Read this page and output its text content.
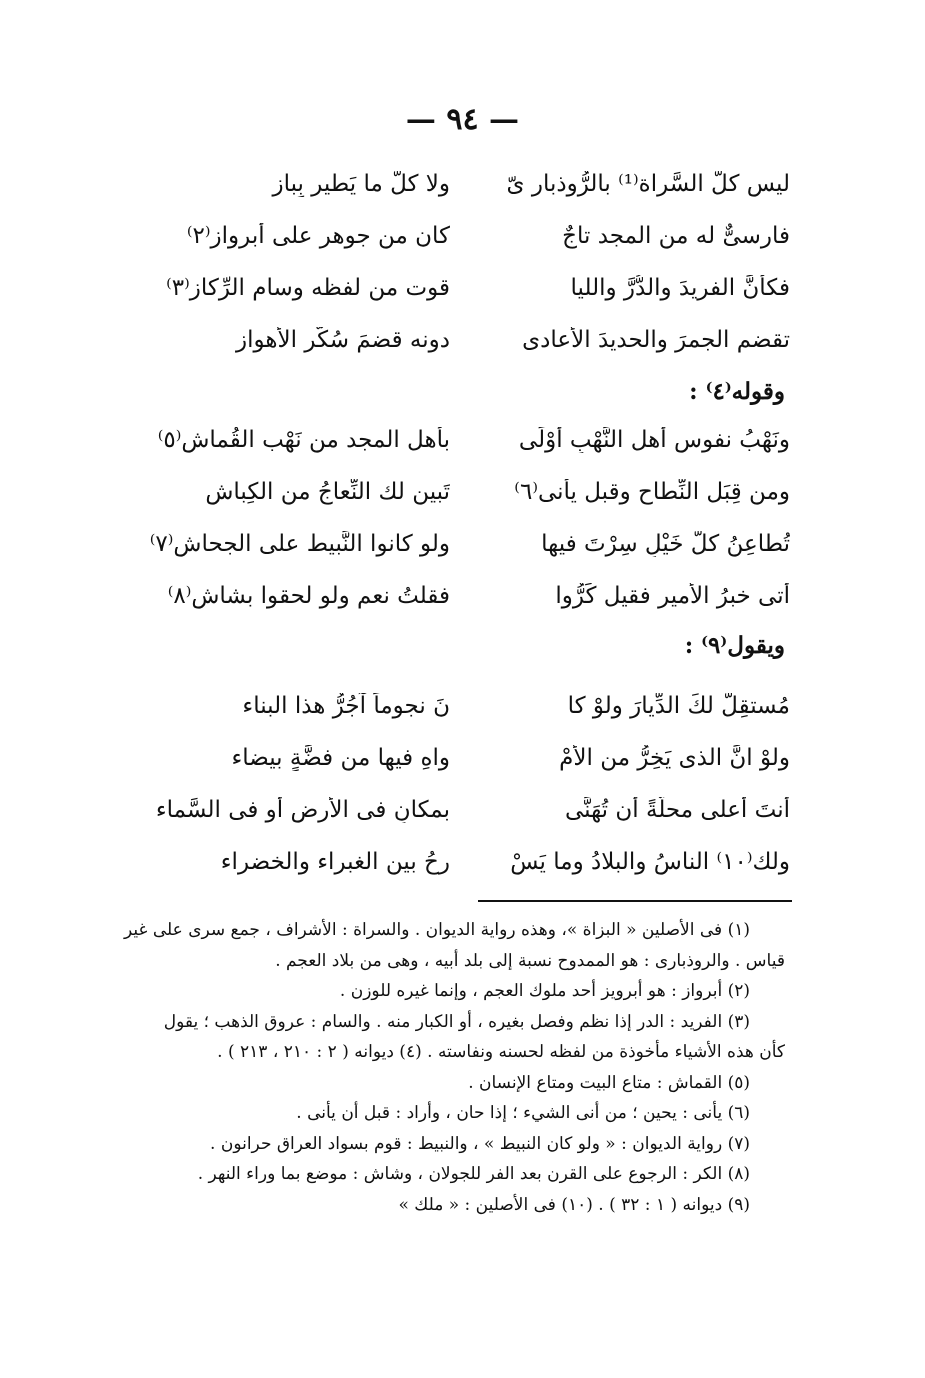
— ٩٤ —
ليس كلُّ السَّراة⁽¹⁾ بالرُّوذبارِ ىّ
ولا كلُّ ما يَطير بِبازِ
فارسىٌّ له من المجد تاجٌ
كان من جوهر على أبرواز⁽٢⁾
فكأنَّ الفريدَ والدُّرَّ والليا
قوت من لفظه وسام الرِّكاز⁽٣⁾
تقضم الجمرَ والحديدَ الأعادى
دونه قضمَ سُكَّر الأهواز
وقوله⁽٤⁾ :
ونَهْبُ نفوس أهل النَّهْبِ أوْلَى
بأهل المجد من نَهْب القُماش⁽٥⁾
ومن قِبَل النِّطاح وقبل يأْنى⁽٦⁾
تَبين لك النِّعاجُ من الكِباش
تُطاعِنُ كلُّ خَيْلٍ سِرْتَ فيها
ولو كانوا النَّبيط على الجحاش⁽٧⁾
أتى خبرُ الأمير فقيل كَرُّوا
فقلتُ نعم ولو لحقوا بشاش⁽٨⁾
ويقول⁽٩⁾ :
مُستقِلٌّ لكَ الدِّيارَ ولوْ كا
نَ نجوماً آجُرُّ هذا البناء
ولوْ انَّ الذى يَخِرُّ من الأمْ
واهِ فيها من فضَّةٍ بيضاء
أنتَ أعلى محلَّةً أن تُهَنَّى
بمكانٍ فى الأرض أو فى السَّماء
ولك⁽١٠⁾ الناسُ والبلادُ وما يَسْ
رحُ بين الغبراء والخضراء
(١) فى الأصلين « البزاة »، وهذه رواية الديوان . والسراة : الأشراف ، جمع سرى على غير
قياس . والروذبارى : هو الممدوح نسبة إلى بلد أبيه ، وهى من بلاد العجم .
(٢) أبرواز : هو أبرويز أحد ملوك العجم ، وإنما غيره للوزن .
(٣) الفريد : الدر إذا نظم وفصل بغيره ، أو الكبار منه . والسام : عروق الذهب ؛ يقول
كأن هذه الأشياء مأخوذة من لفظه لحسنه ونفاسته . (٤) ديوانه ( ٢ : ٢١٠ ، ٢١٣ ) .
(٥) القماش : متاع البيت ومتاع الإنسان .
(٦) يأنى : يحين ؛ من أنى الشيء ؛ إذا حان ، وأراد : قبل أن يأنى .
(٧) رواية الديوان : « ولو كان النبيط » ، والنبيط : قوم بسواد العراق حرانون .
(٨) الكر : الرجوع على القرن بعد الفر للجولان ، وشاش : موضع بما وراء النهر .
(٩) ديوانه ( ١ : ٣٢ ) . (١٠) فى الأصلين : « ملك »
